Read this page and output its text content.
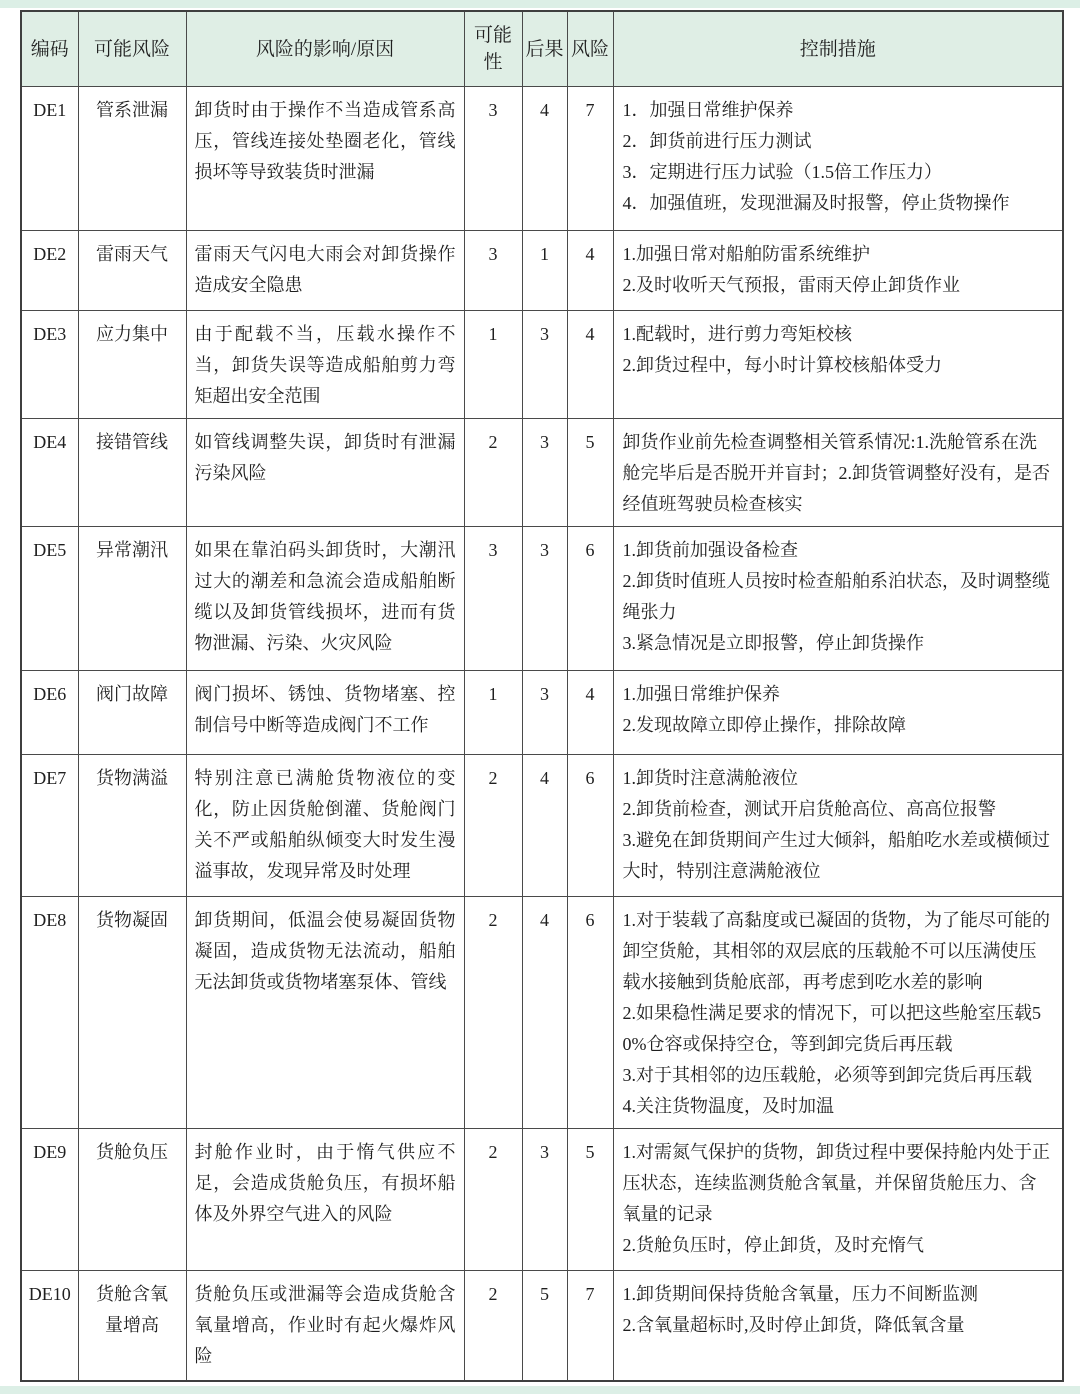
编码	可能风险	风险的影响/原因	可能性	后果	风险	控制措施
DE1	管系泄漏	卸货时由于操作不当造成管系高压，管线连接处垫圈老化，管线损坏等导致装货时泄漏	3	4	7	1．加强日常维护保养
2．卸货前进行压力测试
3．定期进行压力试验（1.5倍工作压力）
4．加强值班，发现泄漏及时报警，停止货物操作

DE2	雷雨天气	雷雨天气闪电大雨会对卸货操作造成安全隐患	3	1	4	1.加强日常对船舶防雷系统维护
2.及时收听天气预报，雷雨天停止卸货作业

DE3	应力集中	由于配载不当，压载水操作不当，卸货失误等造成船舶剪力弯矩超出安全范围	1	3	4	1.配载时，进行剪力弯矩校核
2.卸货过程中，每小时计算校核船体受力

DE4	接错管线	如管线调整失误，卸货时有泄漏污染风险	2	3	5	卸货作业前先检查调整相关管系情况:1.洗舱管系在洗舱完毕后是否脱开并盲封；2.卸货管调整好没有，是否经值班驾驶员检查核实

DE5	异常潮汛	如果在靠泊码头卸货时，大潮汛过大的潮差和急流会造成船舶断缆以及卸货管线损坏，进而有货物泄漏、污染、火灾风险	3	3	6	1.卸货前加强设备检查
2.卸货时值班人员按时检查船舶系泊状态，及时调整缆绳张力
3.紧急情况是立即报警，停止卸货操作

DE6	阀门故障	阀门损坏、锈蚀、货物堵塞、控制信号中断等造成阀门不工作	1	3	4	1.加强日常维护保养
2.发现故障立即停止操作，排除故障

DE7	货物满溢	特别注意已满舱货物液位的变化，防止因货舱倒灌、货舱阀门关不严或船舶纵倾变大时发生漫溢事故，发现异常及时处理	2	4	6	1.卸货时注意满舱液位
2.卸货前检查，测试开启货舱高位、高高位报警
3.避免在卸货期间产生过大倾斜，船舶吃水差或横倾过大时，特别注意满舱液位

DE8	货物凝固	卸货期间，低温会使易凝固货物凝固，造成货物无法流动，船舶无法卸货或货物堵塞泵体、管线	2	4	6	1.对于装载了高黏度或已凝固的货物，为了能尽可能的卸空货舱，其相邻的双层底的压载舱不可以压满使压载水接触到货舱底部，再考虑到吃水差的影响
2.如果稳性满足要求的情况下，可以把这些舱室压载50%仓容或保持空仓，等到卸完货后再压载
3.对于其相邻的边压载舱，必须等到卸完货后再压载
4.关注货物温度，及时加温

DE9	货舱负压	封舱作业时，由于惰气供应不足，会造成货舱负压，有损坏船体及外界空气进入的风险	2	3	5	1.对需氮气保护的货物，卸货过程中要保持舱内处于正压状态，连续监测货舱含氧量，并保留货舱压力、含氧量的记录
2.货舱负压时，停止卸货，及时充惰气

DE10	货舱含氧量增高	货舱负压或泄漏等会造成货舱含氧量增高，作业时有起火爆炸风险	2	5	7	1.卸货期间保持货舱含氧量，压力不间断监测
2.含氧量超标时,及时停止卸货，降低氧含量
